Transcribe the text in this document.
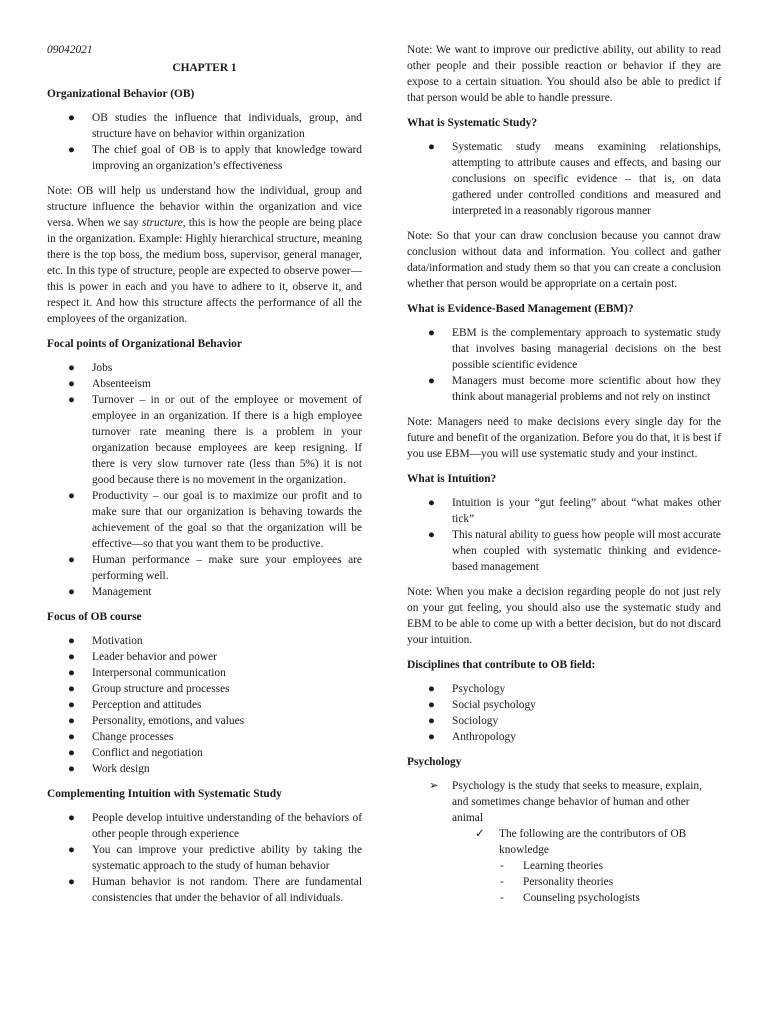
09042021

CHAPTER 1

Organizational Behavior (OB)
● OB studies the influence that individuals, group, and structure have on behavior within organization
● The chief goal of OB is to apply that knowledge toward improving an organization’s effectiveness

Note: OB will help us understand how the individual, group and structure influence the behavior within the organization and vice versa. When we say structure, this is how the people are being place in the organization. Example: Highly hierarchical structure, meaning there is the top boss, the medium boss, supervisor, general manager, etc. In this type of structure, people are expected to observe power—this is power in each and you have to adhere to it, observe it, and respect it. And how this structure affects the performance of all the employees of the organization.

Focal points of Organizational Behavior
● Jobs
● Absenteeism
● Turnover – in or out of the employee or movement of employee in an organization. If there is a high employee turnover rate meaning there is a problem in your organization because employees are keep resigning. If there is very slow turnover rate (less than 5%) it is not good because there is no movement in the organization.
● Productivity – our goal is to maximize our profit and to make sure that our organization is behaving towards the achievement of the goal so that the organization will be effective—so that you want them to be productive.
● Human performance – make sure your employees are performing well.
● Management
Focus of OB course
● Motivation
● Leader behavior and power
● Interpersonal communication
● Group structure and processes
● Perception and attitudes
● Personality, emotions, and values
● Change processes
● Conflict and negotiation
● Work design
Complementing Intuition with Systematic Study
● People develop intuitive understanding of the behaviors of other people through experience
● You can improve your predictive ability by taking the systematic approach to the study of human behavior
● Human behavior is not random. There are fundamental consistencies that under the behavior of all individuals.

Note: We want to improve our predictive ability, out ability to read other people and their possible reaction or behavior if they are expose to a certain situation. You should also be able to predict if that person would be able to handle pressure.

What is Systematic Study?
● Systematic study means examining relationships, attempting to attribute causes and effects, and basing our conclusions on specific evidence – that is, on data gathered under controlled conditions and measured and interpreted in a reasonably rigorous manner

Note: So that your can draw conclusion because you cannot draw conclusion without data and information. You collect and gather data/information and study them so that you can create a conclusion whether that person would be appropriate on a certain post.

What is Evidence-Based Management (EBM)?
● EBM is the complementary approach to systematic study that involves basing managerial decisions on the best possible scientific evidence
● Managers must become more scientific about how they think about managerial problems and not rely on instinct

Note: Managers need to make decisions every single day for the future and benefit of the organization. Before you do that, it is best if you use EBM—you will use systematic study and your instinct.

What is Intuition?
● Intuition is your “gut feeling” about “what makes other tick”
● This natural ability to guess how people will most accurate when coupled with systematic thinking and evidence-based management

Note: When you make a decision regarding people do not just rely on your gut feeling, you should also use the systematic study and EBM to be able to come up with a better decision, but do not discard your intuition.

Disciplines that contribute to OB field:
● Psychology
● Social psychology
● Sociology
● Anthropology
Psychology
➢ Psychology is the study that seeks to measure, explain, and sometimes change behavior of human and other animal
✓ The following are the contributors of OB knowledge
- Learning theories
- Personality theories
- Counseling psychologists
